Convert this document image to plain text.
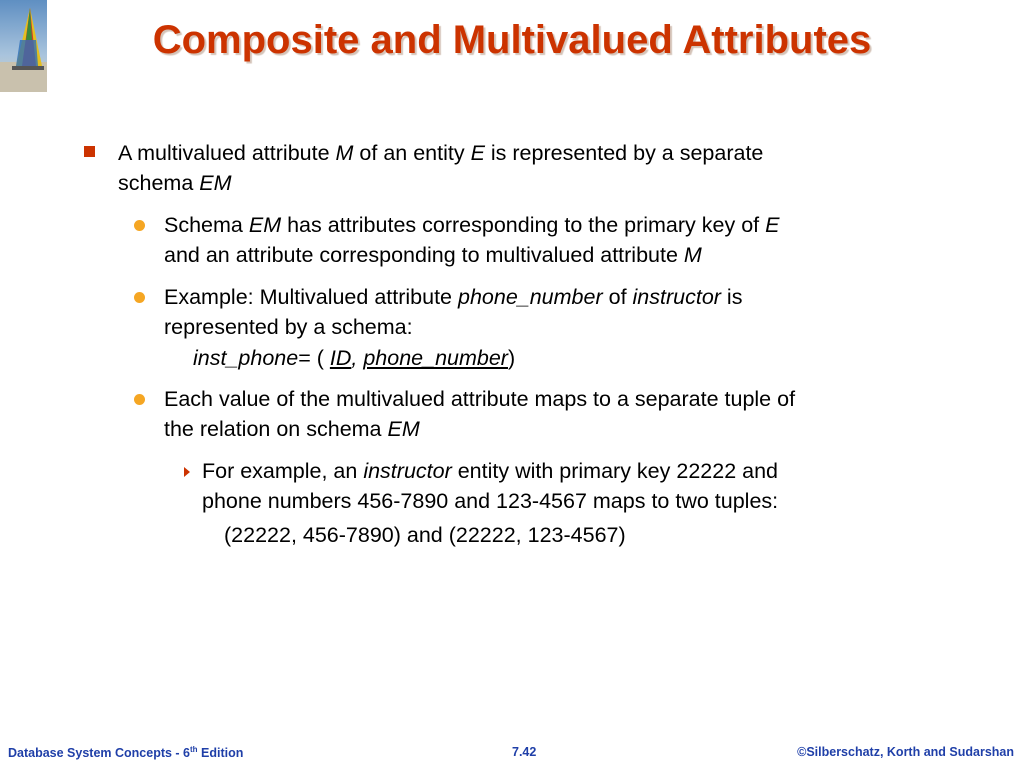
Composite and Multivalued Attributes
A multivalued attribute M of an entity E is represented by a separate
schema EM
Schema EM has attributes corresponding to the primary key of E
and an attribute corresponding to multivalued attribute M
Example: Multivalued attribute phone_number of instructor is
represented by a schema:
inst_phone= ( ID, phone_number)
Each value of the multivalued attribute maps to a separate tuple of
the relation on schema EM
For example, an instructor entity with primary key 22222 and
phone numbers 456-7890 and 123-4567 maps to two tuples:
(22222, 456-7890) and (22222, 123-4567)
Database System Concepts - 6th Edition	7.42	©Silberschatz, Korth and Sudarshan
